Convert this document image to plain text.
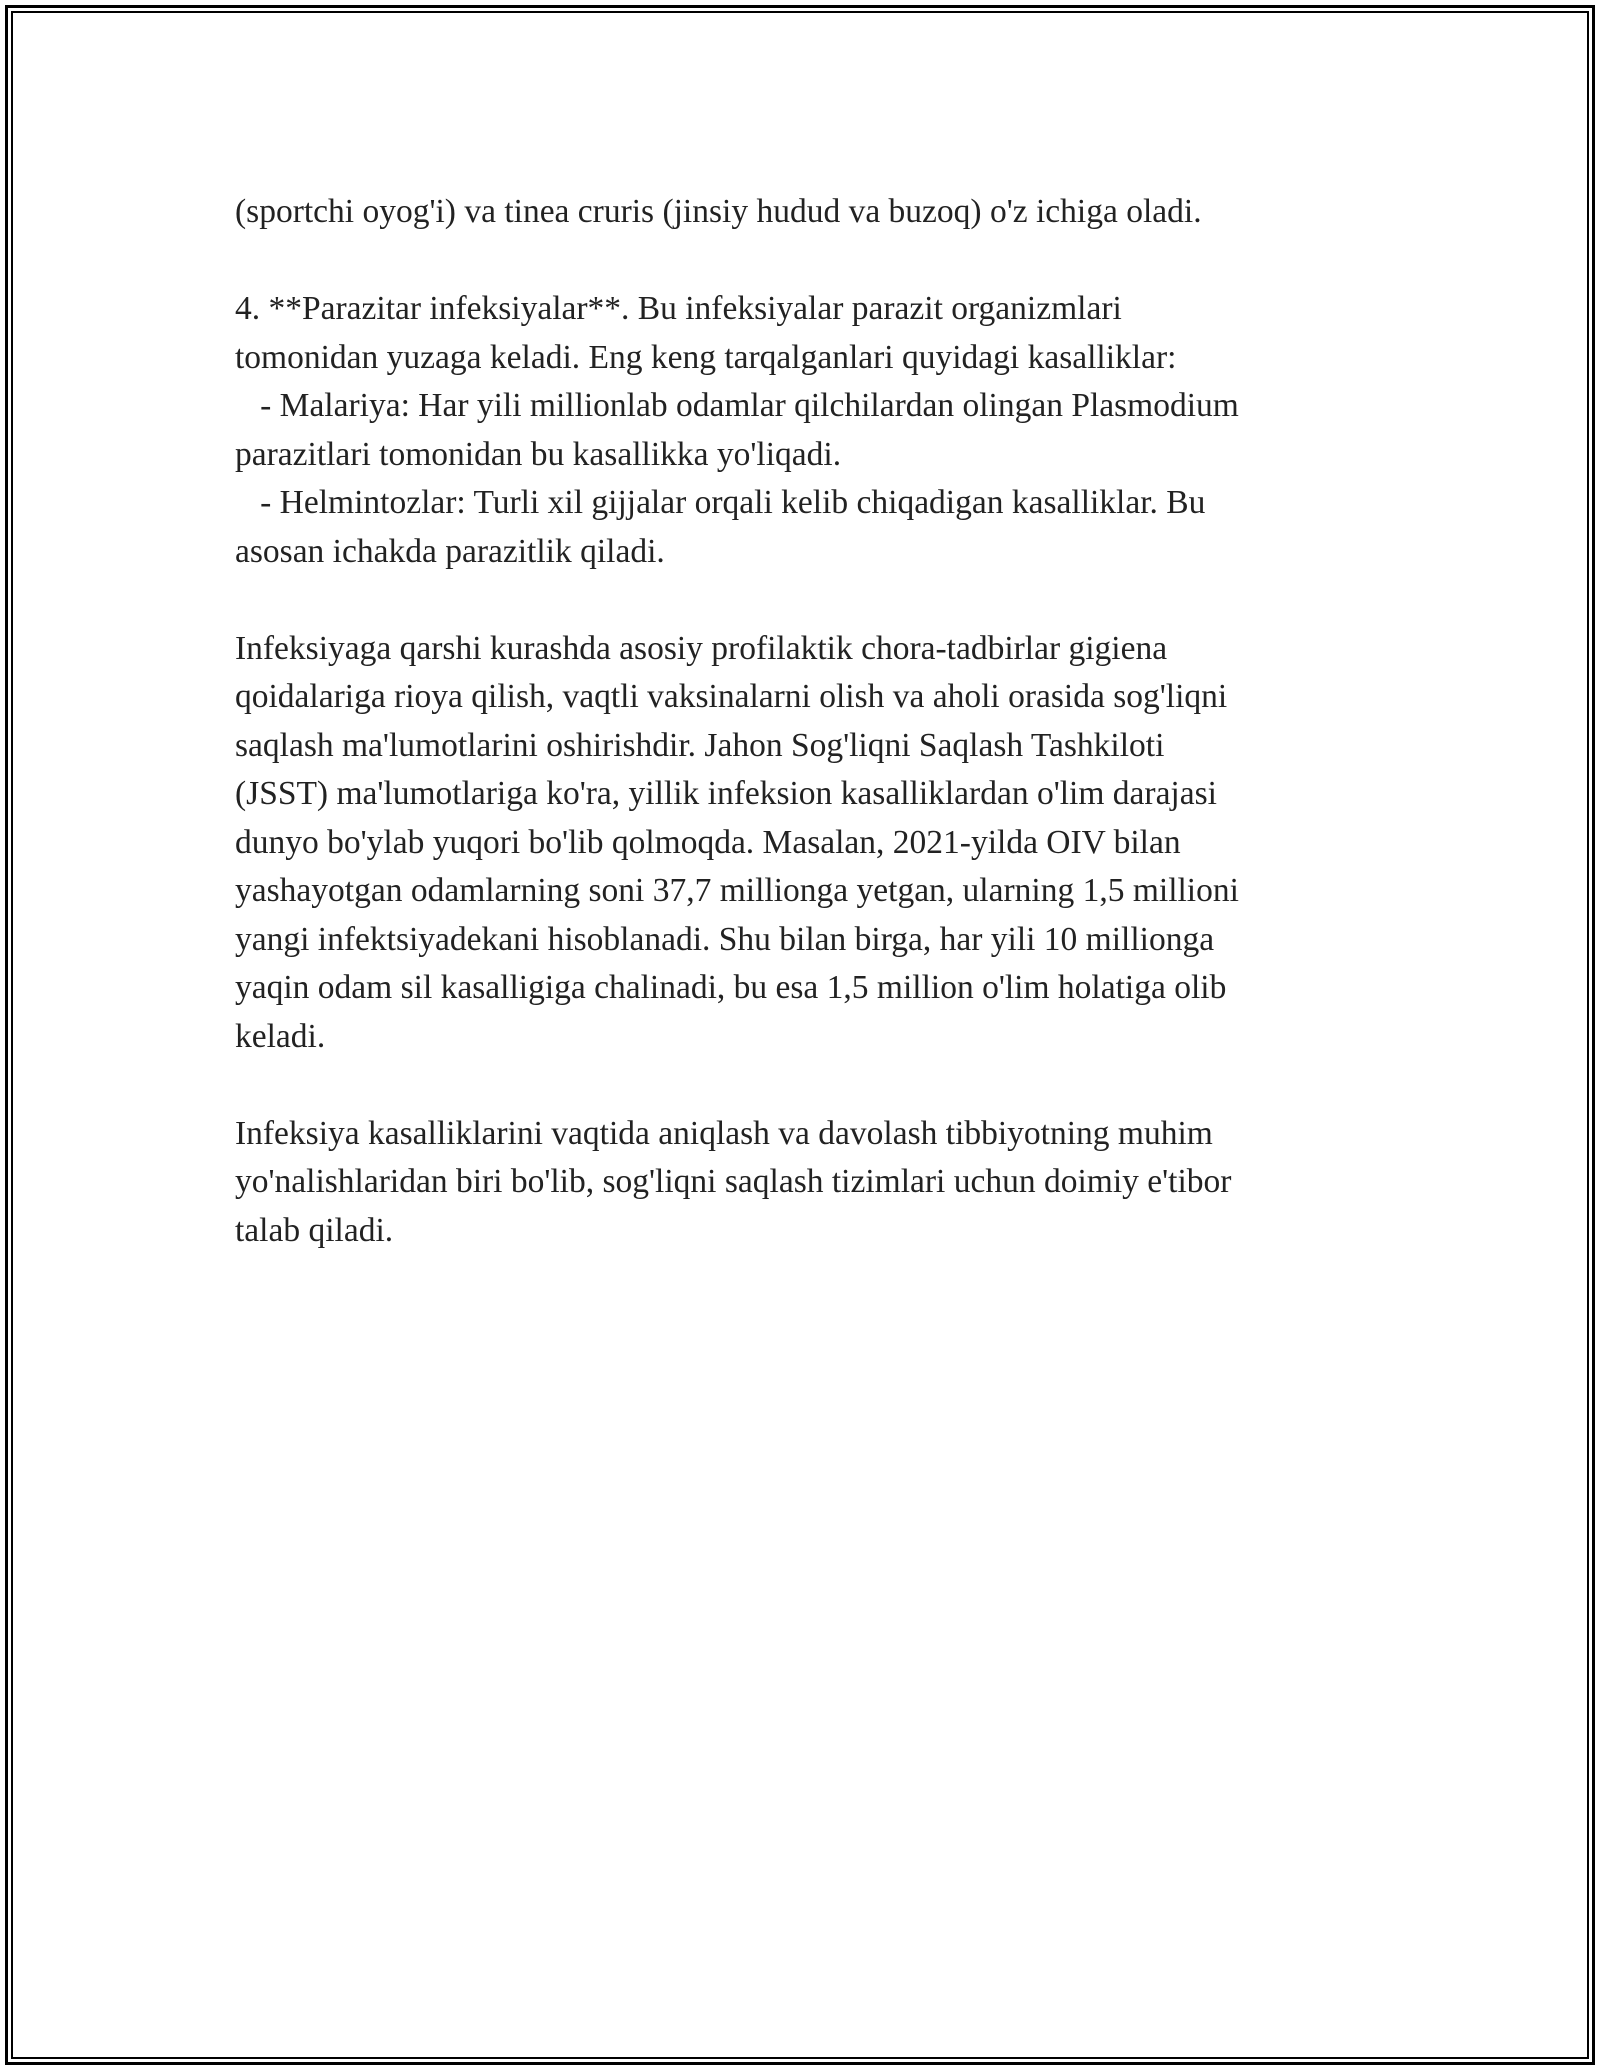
(sportchi oyog'i) va tinea cruris (jinsiy hudud va buzoq) o'z ichiga oladi.
4. **Parazitar infeksiyalar**. Bu infeksiyalar parazit organizmlari
tomonidan yuzaga keladi. Eng keng tarqalganlari quyidagi kasalliklar:
- Malariya: Har yili millionlab odamlar qilchilardan olingan Plasmodium
parazitlari tomonidan bu kasallikka yo'liqadi.
- Helmintozlar: Turli xil gijjalar orqali kelib chiqadigan kasalliklar. Bu
asosan ichakda parazitlik qiladi.
Infeksiyaga qarshi kurashda asosiy profilaktik chora-tadbirlar gigiena
qoidalariga rioya qilish, vaqtli vaksinalarni olish va aholi orasida sog'liqni
saqlash ma'lumotlarini oshirishdir. Jahon Sog'liqni Saqlash Tashkiloti
(JSST) ma'lumotlariga ko'ra, yillik infeksion kasalliklardan o'lim darajasi
dunyo bo'ylab yuqori bo'lib qolmoqda. Masalan, 2021-yilda OIV bilan
yashayotgan odamlarning soni 37,7 millionga yetgan, ularning 1,5 millioni
yangi infektsiyadekani hisoblanadi. Shu bilan birga, har yili 10 millionga
yaqin odam sil kasalligiga chalinadi, bu esa 1,5 million o'lim holatiga olib
keladi.
Infeksiya kasalliklarini vaqtida aniqlash va davolash tibbiyotning muhim
yo'nalishlaridan biri bo'lib, sog'liqni saqlash tizimlari uchun doimiy e'tibor
talab qiladi.
